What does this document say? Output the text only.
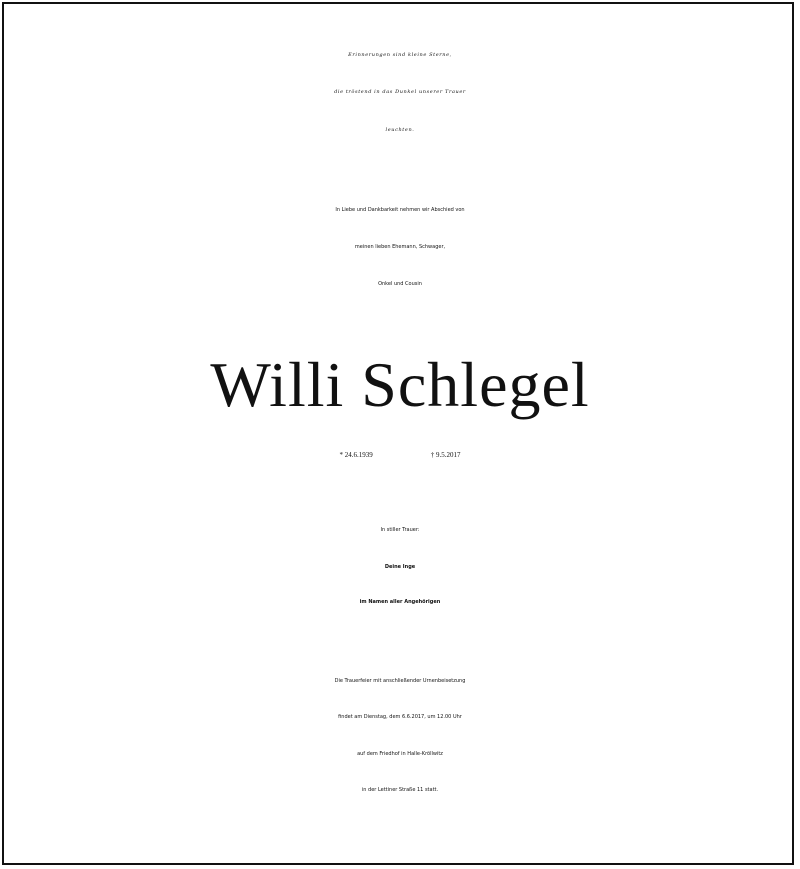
Erinnerungen sind kleine Sterne,
die tröstend in das Dunkel unserer Trauer
leuchten.
In Liebe und Dankbarkeit nehmen wir Abschied von
meinen lieben Ehemann, Schwager,
Onkel und Cousin
Willi Schlegel
* 24.6.1939	† 9.5.2017
In stiller Trauer:
Deine Inge
im Namen aller Angehörigen
Die Trauerfeier mit anschließender Urnenbeisetzung
findet am Dienstag, dem 6.6.2017, um 12.00 Uhr
auf dem Friedhof in Halle-Kröllwitz
in der Lettiner Straße 11 statt.
